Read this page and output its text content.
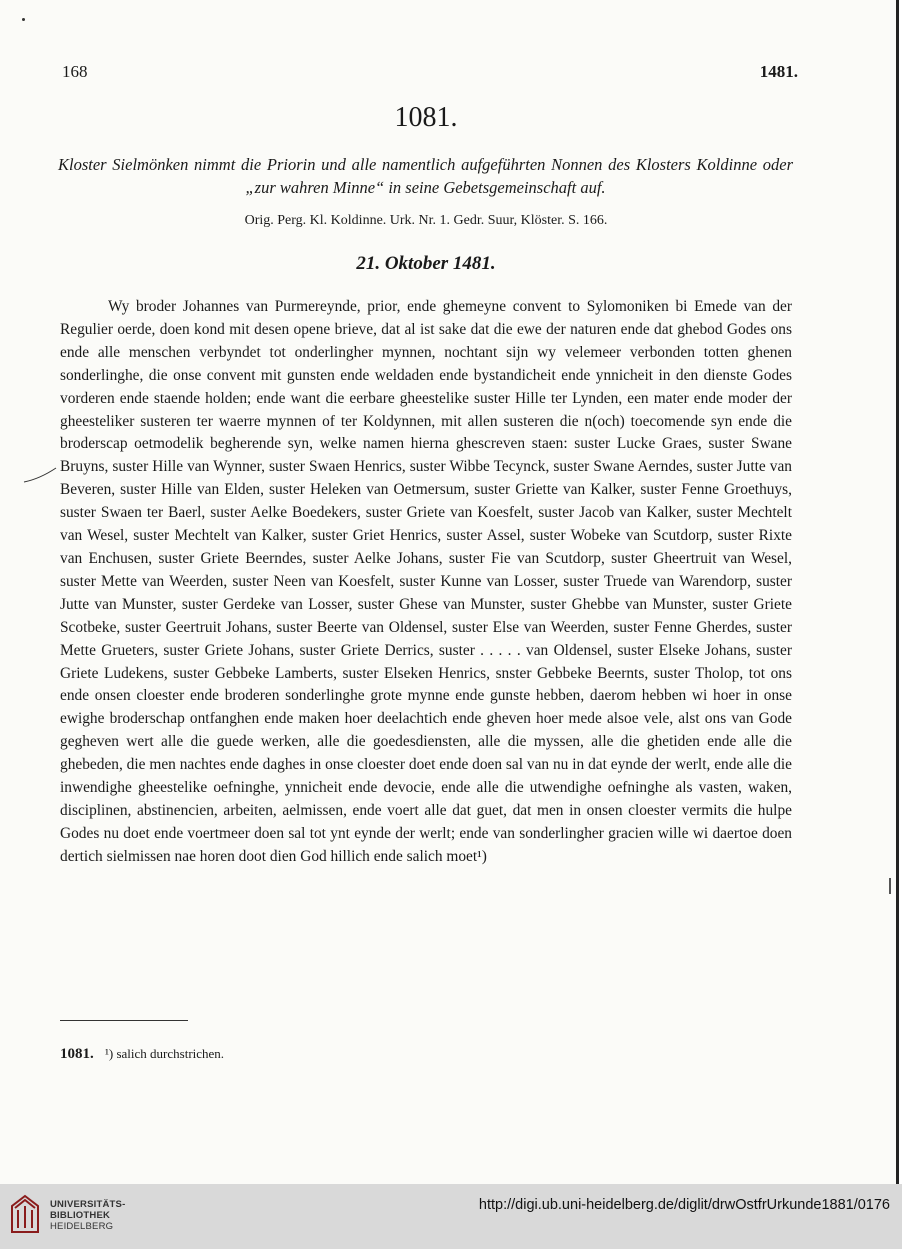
168	1481.
1081.
Kloster Sielmönken nimmt die Priorin und alle namentlich aufgeführten Nonnen des Klosters Koldinne oder „zur wahren Minne“ in seine Gebetsgemeinschaft auf.
Orig. Perg. Kl. Koldinne. Urk. Nr. 1. Gedr. Suur, Klöster. S. 166.
21. Oktober 1481.
Wy broder Johannes van Purmereynde, prior, ende ghemeyne convent to Sylomoniken bi Emede van der Regulier oerde, doen kond mit desen opene brieve, dat al ist sake dat die ewe der naturen ende dat ghebod Godes ons ende alle menschen verbyndet tot onderlingher mynnen, nochtant sijn wy velemeer verbonden totten ghenen sonderlinghe, die onse convent mit gunsten ende weldaden ende bystandicheit ende ynnicheit in den dienste Godes vorderen ende staende holden; ende want die eerbare gheestelike suster Hille ter Lynden, een mater ende moder der gheesteliker susteren ter waerre mynnen of ter Koldynnen, mit allen susteren die n(och) toecomende syn ende die broderscap oetmodelik begherende syn, welke namen hierna ghescreven staen: suster Lucke Graes, suster Swane Bruyns, suster Hille van Wynner, suster Swaen Henrics, suster Wibbe Tecynck, suster Swane Aerndes, suster Jutte van Beveren, suster Hille van Elden, suster Heleken van Oetmersum, suster Griette van Kalker, suster Fenne Groethuys, suster Swaen ter Baerl, suster Aelke Boedekers, suster Griete van Koesfelt, suster Jacob van Kalker, suster Mechtelt van Wesel, suster Mechtelt van Kalker, suster Griet Henrics, suster Assel, suster Wobeke van Scutdorp, suster Rixte van Enchusen, suster Griete Beerndes, suster Aelke Johans, suster Fie van Scutdorp, suster Gheertruit van Wesel, suster Mette van Weerden, suster Neen van Koesfelt, suster Kunne van Losser, suster Truede van Warendorp, suster Jutte van Munster, suster Gerdeke van Losser, suster Ghese van Munster, suster Ghebbe van Munster, suster Griete Scotbeke, suster Geertruit Johans, suster Beerte van Oldensel, suster Else van Weerden, suster Fenne Gherdes, suster Mette Grueters, suster Griete Johans, suster Griete Derrics, suster . . . . . van Oldensel, suster Elseke Johans, suster Griete Ludekens, suster Gebbeke Lamberts, suster Elseken Henrics, snster Gebbeke Beernts, suster Tholop, tot ons ende onsen cloester ende broderen sonderlinghe grote mynne ende gunste hebben, daerom hebben wi hoer in onse ewighe broderschap ontfanghen ende maken hoer deelachtich ende gheven hoer mede alsoe vele, alst ons van Gode gegheven wert alle die guede werken, alle die goedesdiensten, alle die myssen, alle die ghetiden ende alle die ghebeden, die men nachtes ende daghes in onse cloester doet ende doen sal van nu in dat eynde der werlt, ende alle die inwendighe gheestelike oefninghe, ynnicheit ende devocie, ende alle die utwendighe oefninghe als vasten, waken, disciplinen, abstinencien, arbeiten, aelmissen, ende voert alle dat guet, dat men in onsen cloester vermits die hulpe Godes nu doet ende voertmeer doen sal tot ynt eynde der werlt; ende van sonderlingher gracien wille wi daertoe doen dertich sielmissen nae horen doot dien God hillich ende salich moet¹)
1081. ¹) salich durchstrichen.
UNIVERSITÄTS-
BIBLIOTHEK
HEIDELBERG
http://digi.ub.uni-heidelberg.de/diglit/drwOstfrUrkunde1881/0176
